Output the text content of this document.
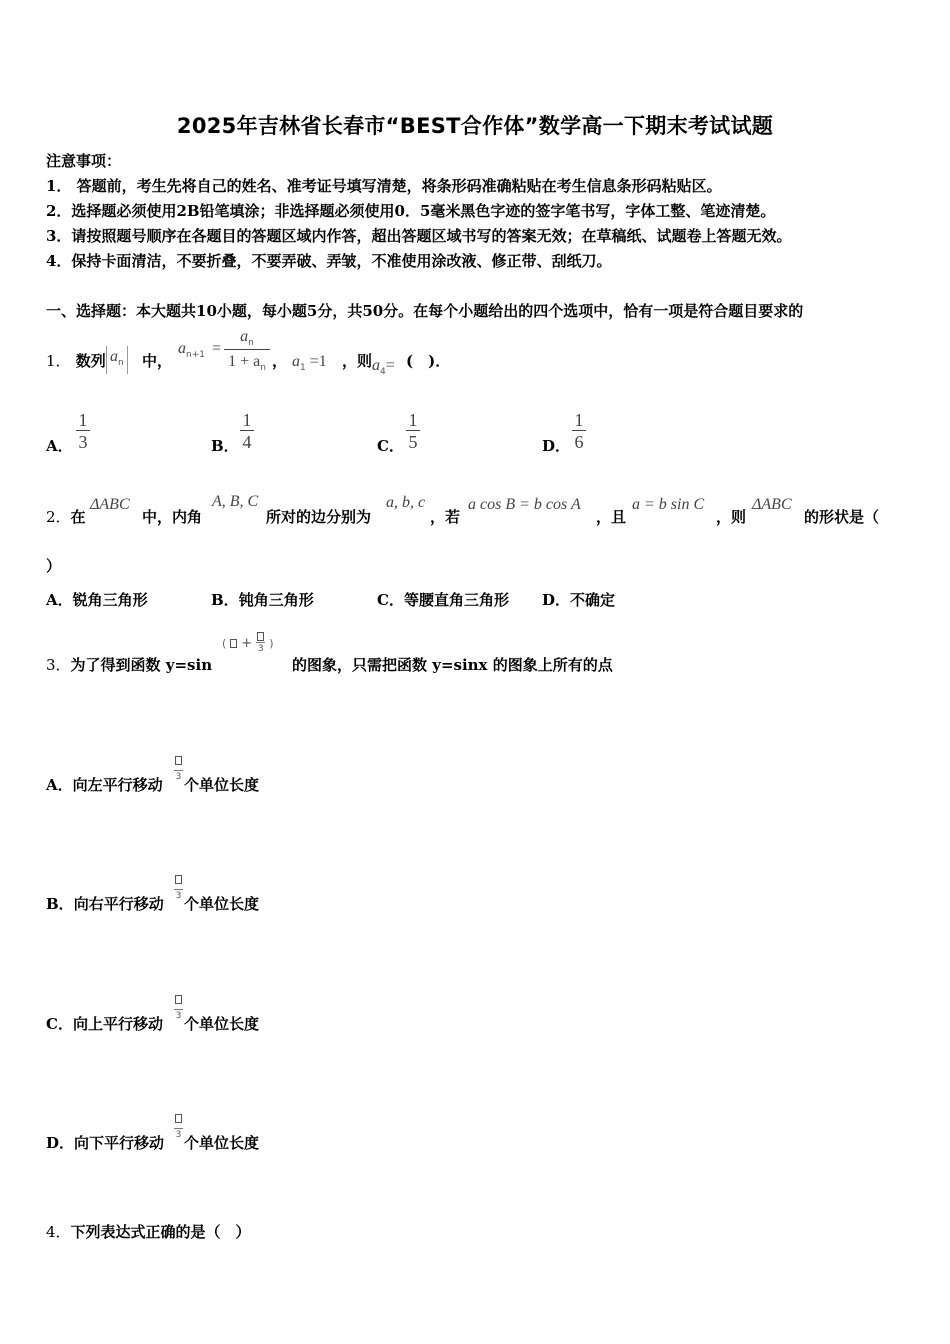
2025年吉林省长春市“BEST合作体”数学高一下期末考试试题
注意事项：
1． 答题前，考生先将自己的姓名、准考证号填写清楚，将条形码准确粘贴在考生信息条形码粘贴区。
2．选择题必须使用2B铅笔填涂；非选择题必须使用0．5毫米黑色字迹的签字笔书写，字体工整、笔迹清楚。
3．请按照题号顺序在各题目的答题区域内作答，超出答题区域书写的答案无效；在草稿纸、试题卷上答题无效。
4．保持卡面清洁，不要折叠，不要弄破、弄皱，不准使用涂改液、修正带、刮纸刀。
一、选择题：本大题共10小题，每小题5分，共50分。在每个小题给出的四个选项中，恰有一项是符合题目要求的
1． 数列 $a_n$ 中，
$a_{n+1}$ =
$a_n$
$1 + a_n$ ， $a_1 =1$ ，则 $a_4=$ (　)．
A．
1
3	B．
1
4	C．
1
5	D．
1
6
2．在
ΔABC
中，内角
A, B, C
所对的边分别为
a, b, c
，若
a cos B = b cos A
，且
a = b sin C
，则
ΔABC
的形状是（
）
A．锐角三角形	B．钝角三角形	C．等腰直角三角形 D．不确定
3．为了得到函数 y=sin
( + 3 )
的图象，只需把函数 y=sinx 的图象上所有的点
A．向左平行移动 3 个单位长度
B．向右平行移动 3 个单位长度
C．向上平行移动 3 个单位长度
D．向下平行移动 3 个单位长度
4．下列表达式正确的是（　）
